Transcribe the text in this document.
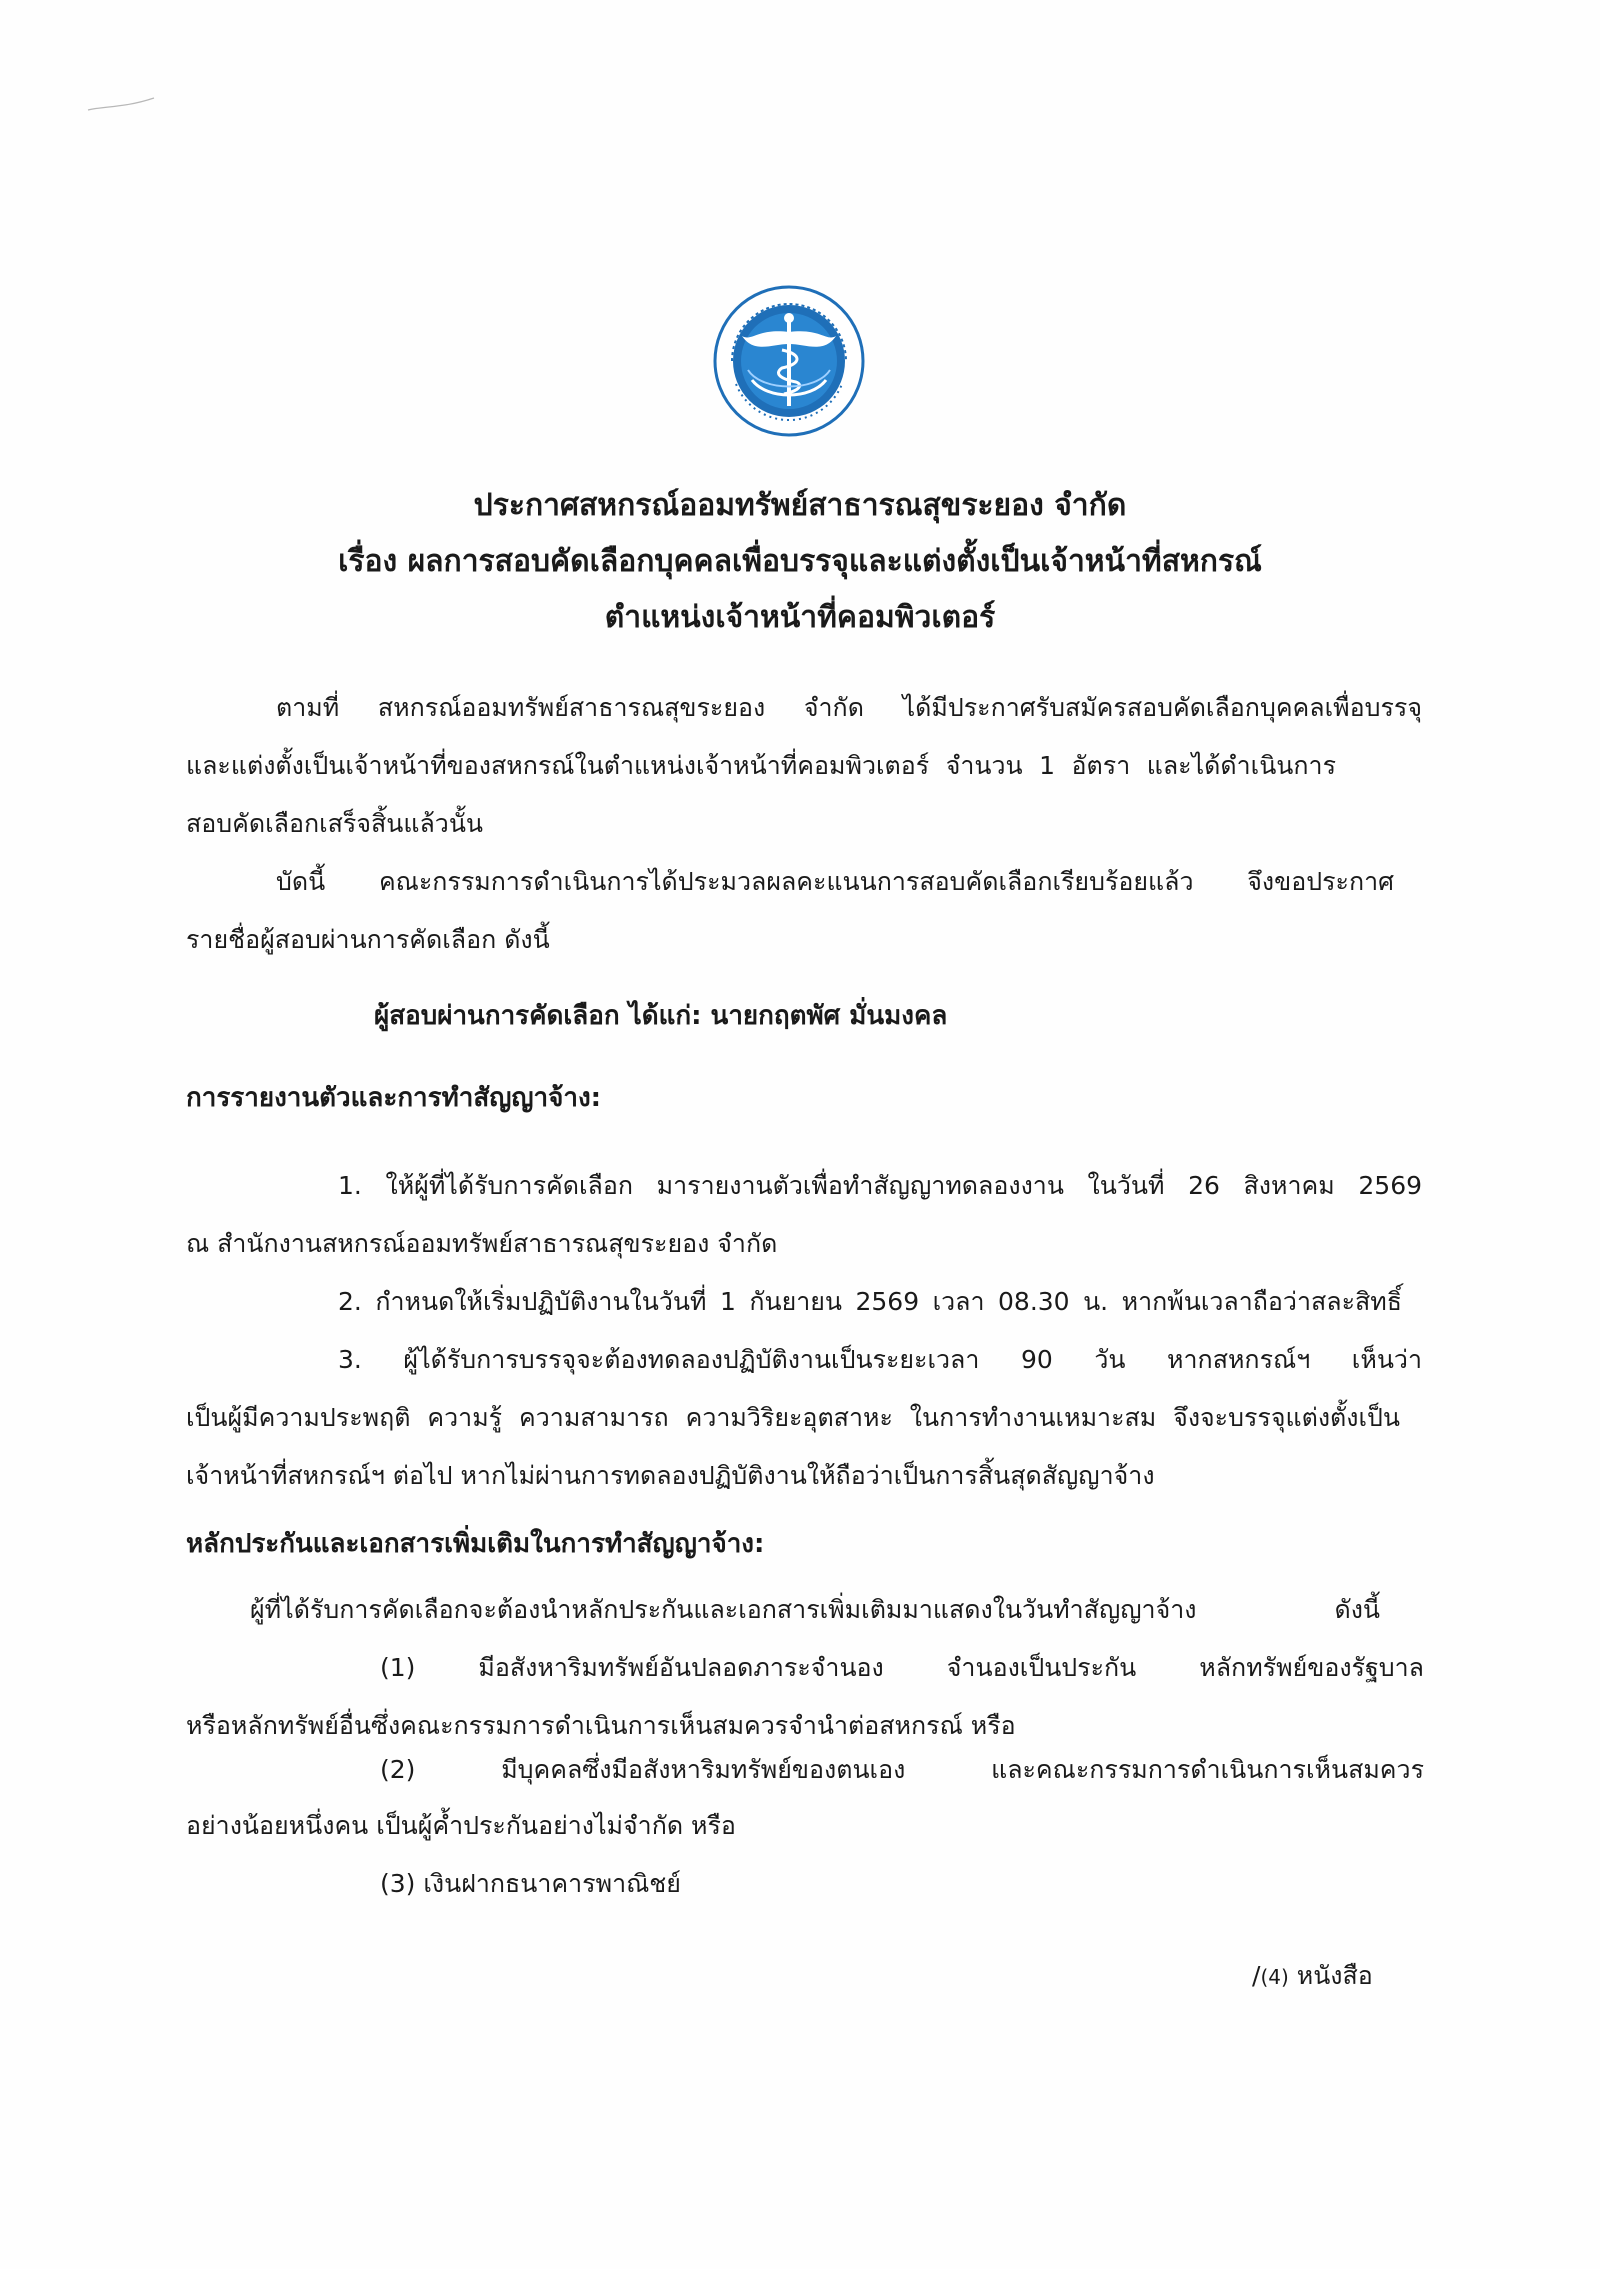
ประกาศสหกรณ์ออมทรัพย์สาธารณสุขระยอง จำกัด
เรื่อง ผลการสอบคัดเลือกบุคคลเพื่อบรรจุและแต่งตั้งเป็นเจ้าหน้าที่สหกรณ์
ตำแหน่งเจ้าหน้าที่คอมพิวเตอร์
ตามที่ สหกรณ์ออมทรัพย์สาธารณสุขระยอง จำกัด ได้มีประกาศรับสมัครสอบคัดเลือกบุคคลเพื่อบรรจุ
และแต่งตั้งเป็นเจ้าหน้าที่ของสหกรณ์ในตำแหน่งเจ้าหน้าที่คอมพิวเตอร์ จำนวน 1 อัตรา และได้ดำเนินการ
สอบคัดเลือกเสร็จสิ้นแล้วนั้น
บัดนี้ คณะกรรมการดำเนินการได้ประมวลผลคะแนนการสอบคัดเลือกเรียบร้อยแล้ว จึงขอประกาศ
รายชื่อผู้สอบผ่านการคัดเลือก ดังนี้
ผู้สอบผ่านการคัดเลือก ได้แก่: นายกฤตพัศ มั่นมงคล
การรายงานตัวและการทำสัญญาจ้าง:
1. ให้ผู้ที่ได้รับการคัดเลือก มารายงานตัวเพื่อทำสัญญาทดลองงาน ในวันที่ 26 สิงหาคม 2569
ณ สำนักงานสหกรณ์ออมทรัพย์สาธารณสุขระยอง จำกัด
2. กำหนดให้เริ่มปฏิบัติงานในวันที่ 1 กันยายน 2569 เวลา 08.30 น. หากพ้นเวลาถือว่าสละสิทธิ์
3. ผู้ได้รับการบรรจุจะต้องทดลองปฏิบัติงานเป็นระยะเวลา 90 วัน หากสหกรณ์ฯ เห็นว่า
เป็นผู้มีความประพฤติ ความรู้ ความสามารถ ความวิริยะอุตสาหะ ในการทำงานเหมาะสม จึงจะบรรจุแต่งตั้งเป็น
เจ้าหน้าที่สหกรณ์ฯ ต่อไป หากไม่ผ่านการทดลองปฏิบัติงานให้ถือว่าเป็นการสิ้นสุดสัญญาจ้าง
หลักประกันและเอกสารเพิ่มเติมในการทำสัญญาจ้าง:
ผู้ที่ได้รับการคัดเลือกจะต้องนำหลักประกันและเอกสารเพิ่มเติมมาแสดงในวันทำสัญญาจ้าง ดังนี้
(1) มีอสังหาริมทรัพย์อันปลอดภาระจำนอง จำนองเป็นประกัน หลักทรัพย์ของรัฐบาล
หรือหลักทรัพย์อื่นซึ่งคณะกรรมการดำเนินการเห็นสมควรจำนำต่อสหกรณ์ หรือ
(2) มีบุคคลซึ่งมีอสังหาริมทรัพย์ของตนเอง และคณะกรรมการดำเนินการเห็นสมควร
อย่างน้อยหนึ่งคน เป็นผู้ค้ำประกันอย่างไม่จำกัด หรือ
(3) เงินฝากธนาคารพาณิชย์
/(4) หนังสือ
